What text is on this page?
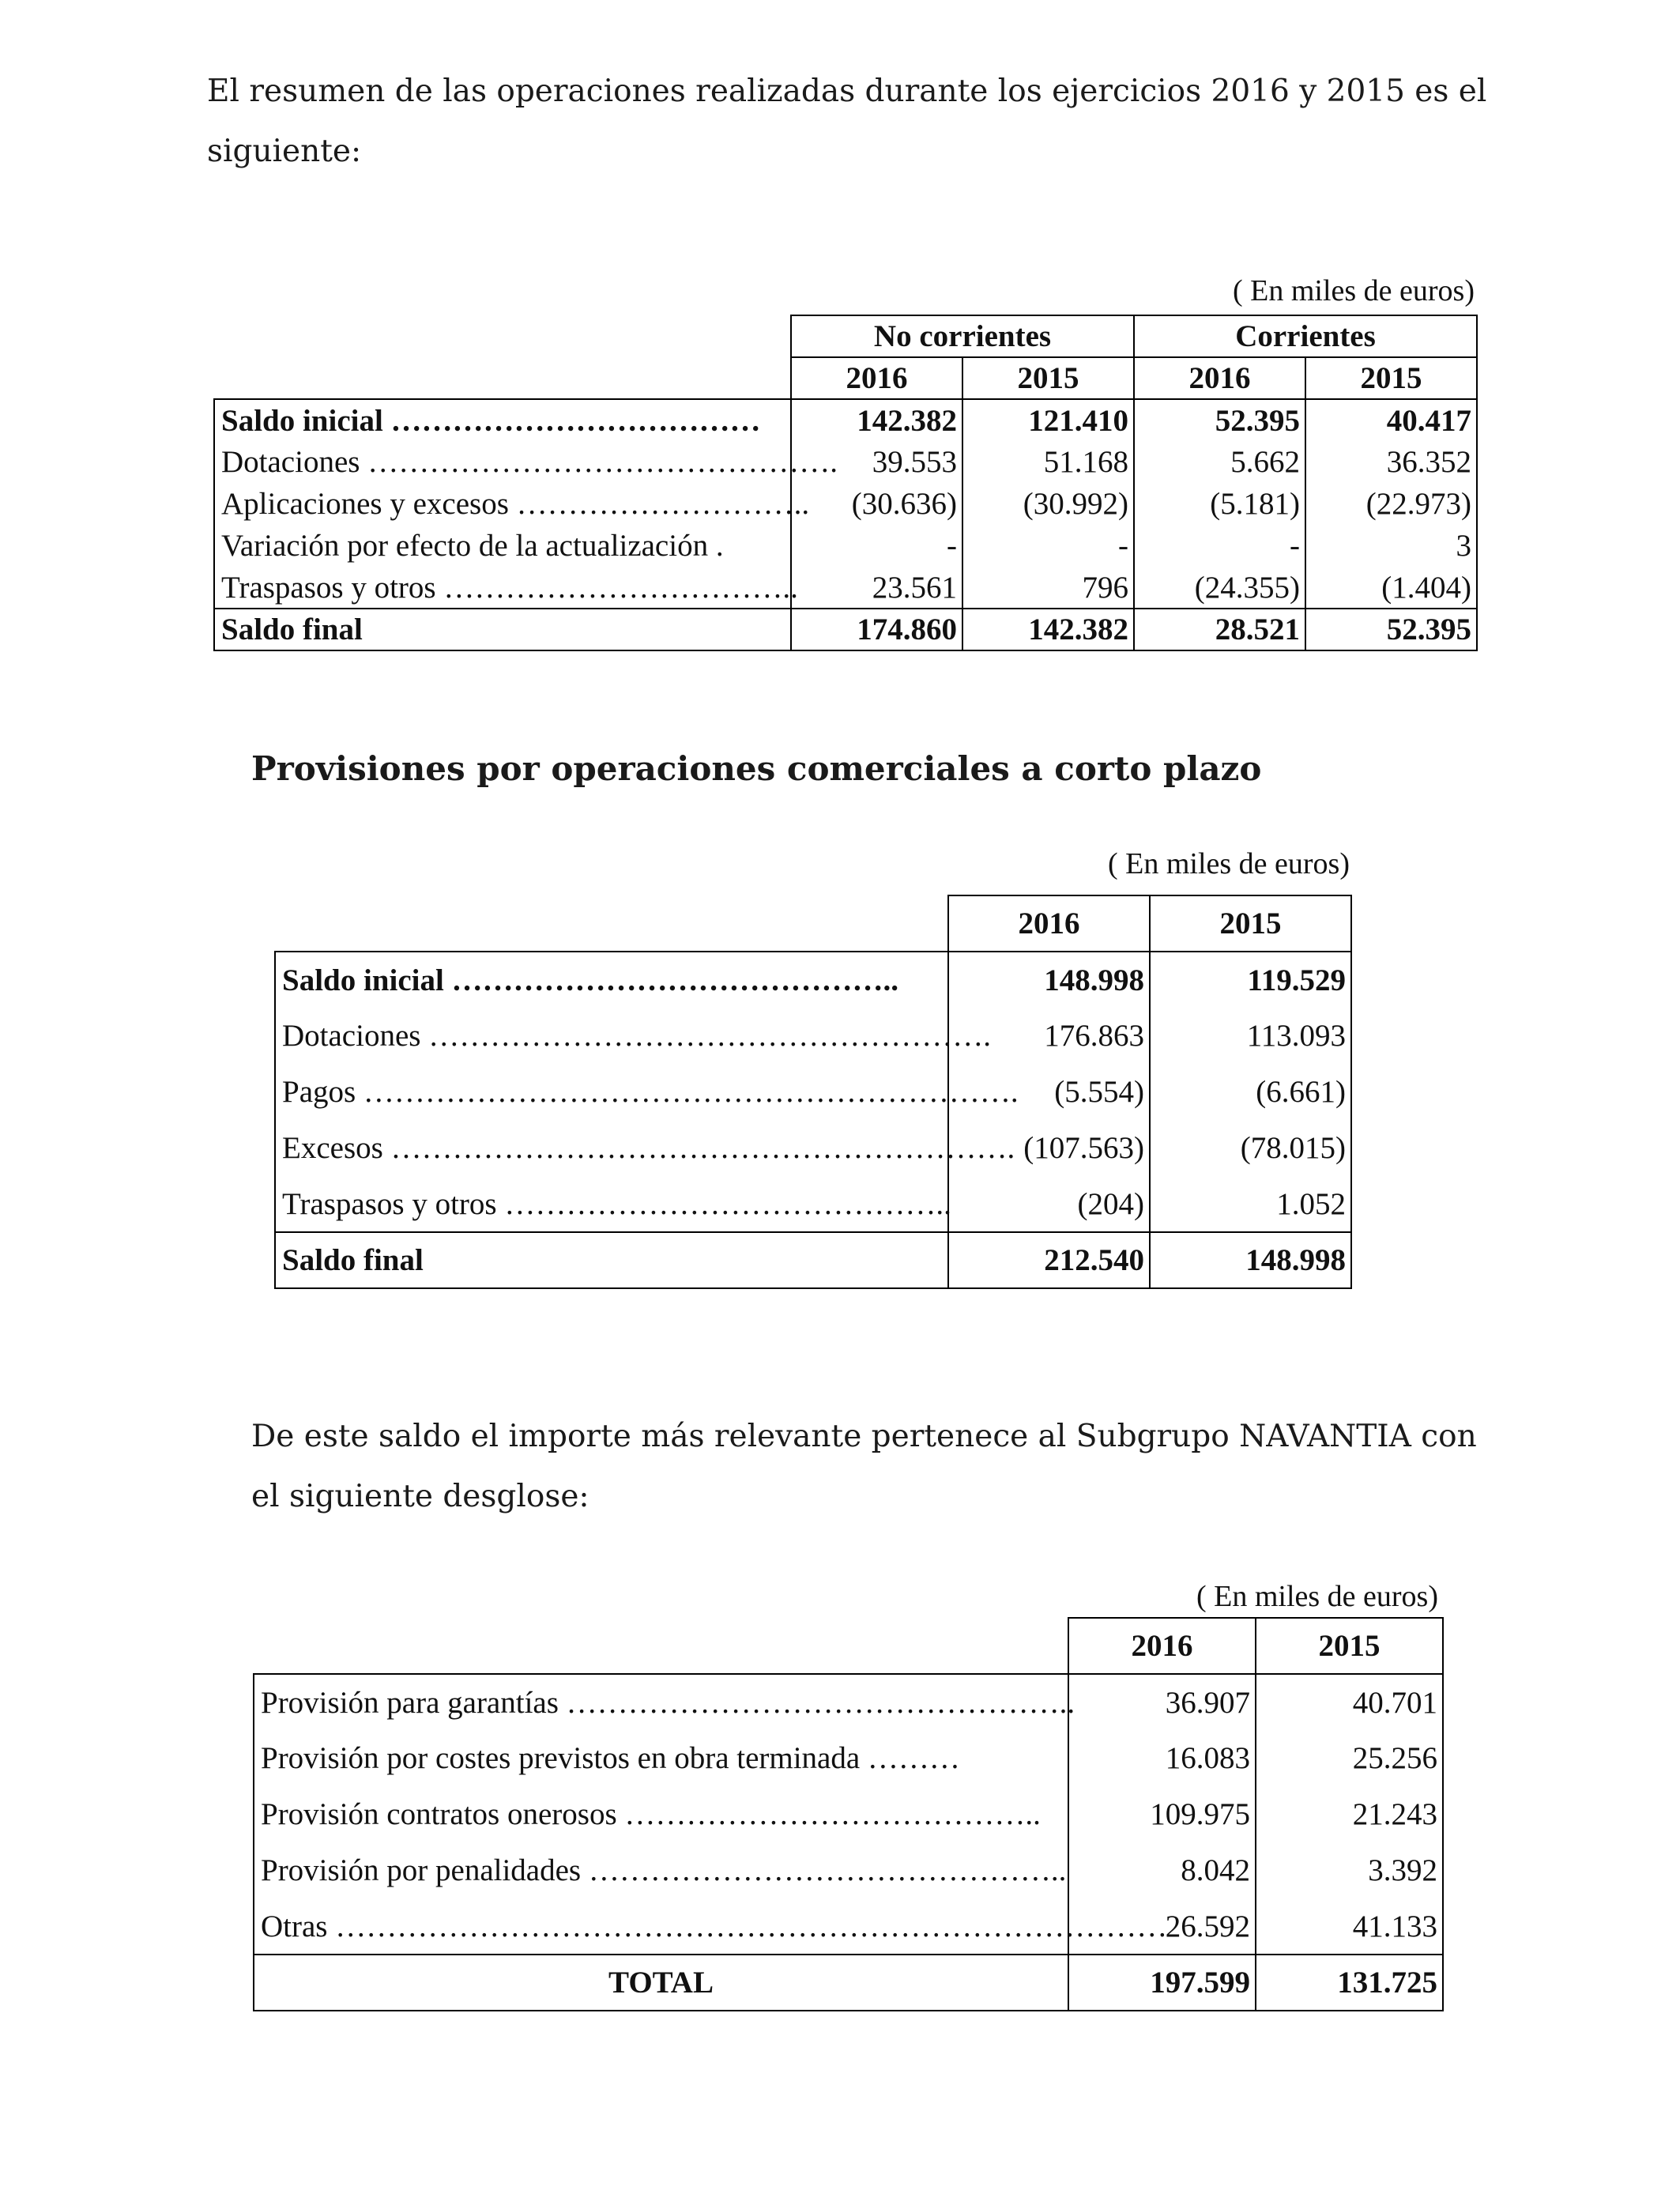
El resumen de las operaciones realizadas durante los ejercicios 2016 y 2015 es el
siguiente:

( En miles de euros)
	No corrientes		Corrientes	
	2016	2015	2016	2015
Saldo inicial ………………………………	142.382	121.410	52.395	40.417
Dotaciones ……………………………………….	39.553	51.168	5.662	36.352
Aplicaciones y excesos ………………………..	(30.636)	(30.992)	(5.181)	(22.973)
Variación por efecto de la actualización .	-	-	-	3
Traspasos y otros ……………………………..	23.561	796	(24.355)	(1.404)
Saldo final	174.860	142.382	28.521	52.395
Provisiones por operaciones comerciales a corto plazo
( En miles de euros)
	2016	2015
Saldo inicial ……………………………………..	148.998	119.529
Dotaciones ……………………………………………….	176.863	113.093
Pagos ……………………………………………………….	(5.554)	(6.661)
Excesos …………………………………………………….	(107.563)	(78.015)
Traspasos y otros ……………………………………..	(204)	1.052
Saldo final	212.540	148.998

De este saldo el importe más relevante pertenece al Subgrupo NAVANTIA con
el siguiente desglose:

( En miles de euros)
	2016	2015
Provisión para garantías …………………………………………..	36.907	40.701
Provisión por costes previstos en obra terminada ………	16.083	25.256
Provisión contratos onerosos …………………………………..	109.975	21.243
Provisión por penalidades ………………………………………..	8.042	3.392
Otras ………………………………………………………………………	26.592	41.133
TOTAL	197.599	131.725
